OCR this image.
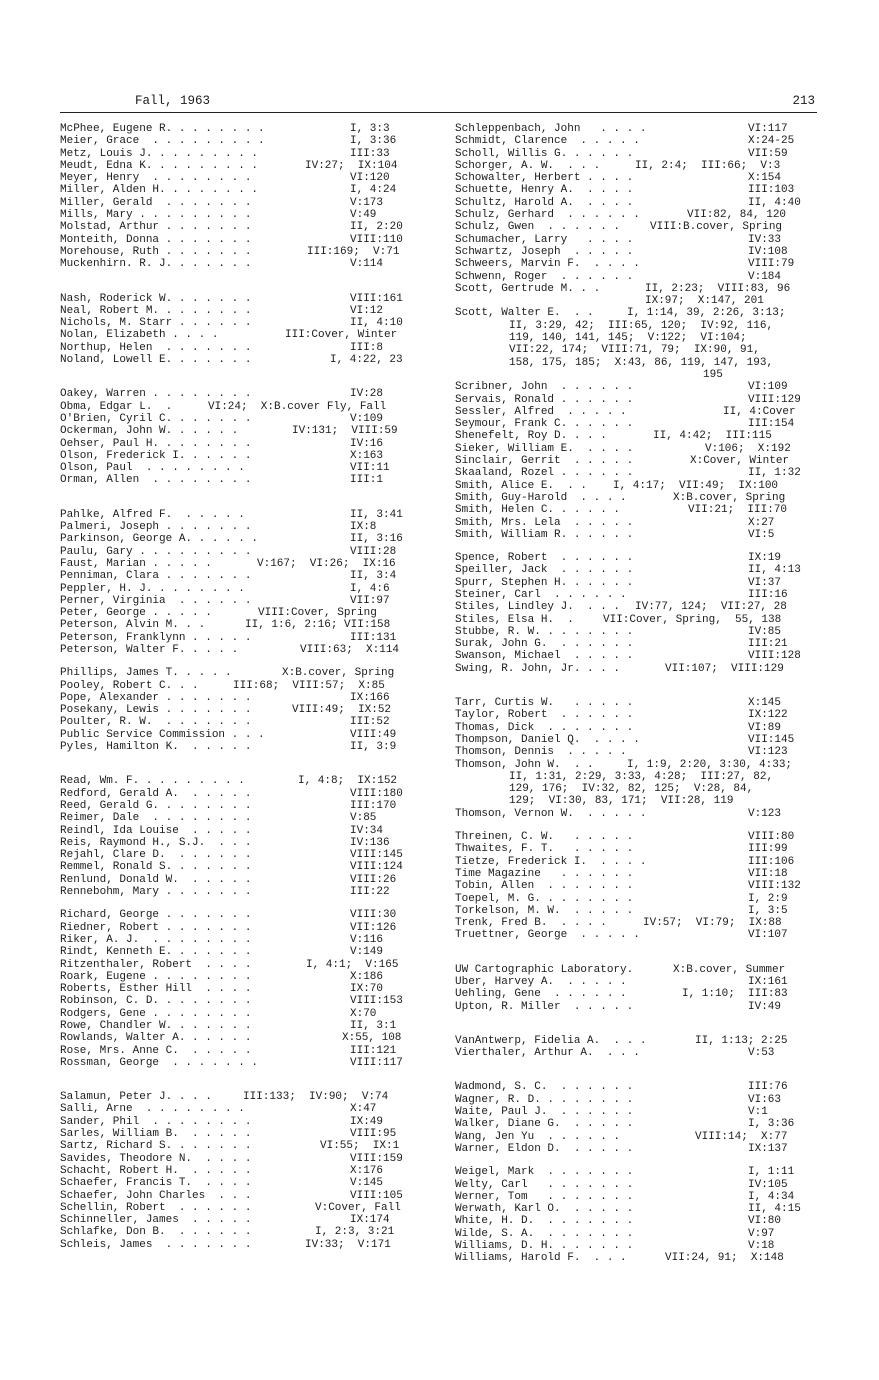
Fall, 1963	213
McPhee, Eugene R. . . . . . . .	I, 3:3
Meier, Grace  . . . . . . . . .	I, 3:36
Metz, Louis J. . . . . . . . .	III:33
Meudt, Edna K. . . . . . . . .	IV:27;  IX:104
Meyer, Henry  . . . . . . . .	VI:120
Miller, Alden H. . . . . . . .	I, 4:24
Miller, Gerald  . . . . . . .	V:173
Mills, Mary . . . . . . . . .	V:49
Molstad, Arthur . . . . . . .	II, 2:20
Monteith, Donna . . . . . . .	VIII:110
Morehouse, Ruth . . . . . . .	III:169;  V:71
Muckenhirn. R. J. . . . . . .	V:114
Nash, Roderick W. . . . . . .	VIII:161
Neal, Robert M. . . . . . . .	VI:12
Nichols, M. Starr . . . . . .	II, 4:10
Nolan, Elizabeth . . . .	III:Cover, Winter
Northup, Helen  . . . . . . .	III:8
Noland, Lowell E. . . . . . .	I, 4:22, 23
Oakey, Warren . . . . . . . .	IV:28
Obma, Edgar L.  .	VI:24;  X:B.cover Fly, Fall
O'Brien, Cyril C. . . . . . .	V:109
Ockerman, John W. . . . . .	IV:131;  VIII:59
Oehser, Paul H. . . . . . . .	IV:16
Olson, Frederick I. . . . . .	X:163
Olson, Paul  . . . . . . . .	VII:11
Orman, Allen  . . . . . . . .	III:1
Pahlke, Alfred F.  . . . . .	II, 3:41
Palmeri, Joseph . . . . . . .	IX:8
Parkinson, George A. . . . . .	II, 3:16
Paulu, Gary . . . . . . . . .	VIII:28
Faust, Marian . . . . .	V:167;  VI:26;  IX:16
Penniman, Clara . . . . . . .	II, 3:4
Peppler, H. J. . . . . . . .	I, 4:6
Perner, Virginia  . . . . . .	VII:97
Peter, George . . . . .	VIII:Cover, Spring
Peterson, Alvin M. . .	II, 1:6, 2:16; VII:158
Peterson, Franklynn . . . . .	III:131
Peterson, Walter F. . . . .	VIII:63;  X:114
Phillips, James T. . . . .	X:B.cover, Spring
Pooley, Robert C. . .	III:68;  VIII:57;  X:85
Pope, Alexander . . . . . . .	IX:166
Posekany, Lewis . . . . . . .	VIII:49;  IX:52
Poulter, R. W.  . . . . . . .	III:52
Public Service Commission . . .	VIII:49
Pyles, Hamilton K.  . . . . .	II, 3:9
Read, Wm. F. . . . . . . . .	I, 4:8;  IX:152
Redford, Gerald A.  . . . . .	VIII:180
Reed, Gerald G. . . . . . . .	III:170
Reimer, Dale  . . . . . . . .	V:85
Reindl, Ida Louise  . . . . .	IV:34
Reis, Raymond H., S.J.  . . .	IV:136
Rejahl, Clare D.  . . . . . .	VIII:145
Remmel, Ronald S. . . . . . .	VIII:124
Renlund, Donald W.  . . . . .	VIII:26
Rennebohm, Mary . . . . . . .	III:22
Richard, George . . . . . . .	VIII:30
Riedner, Robert . . . . . . .	VII:126
Riker, A. J.  . . . . . . . .	V:116
Rindt, Kenneth E. . . . . . .	V:149
Ritzenthaler, Robert  . . . .	I, 4:1;  V:165
Roark, Eugene . . . . . . . .	X:186
Roberts, Esther Hill  . . . .	IX:70
Robinson, C. D. . . . . . . .	VIII:153
Rodgers, Gene . . . . . . . .	X:70
Rowe, Chandler W. . . . . . .	II, 3:1
Rowlands, Walter A. . . . . .	X:55, 108
Rose, Mrs. Anne C.  . . . . .	III:121
Rossman, George  . . . . . . .	VIII:117
Salamun, Peter J. . . .	III:133;  IV:90;  V:74
Salli, Arne  . . . . . . . .	X:47
Sander, Phil  . . . . . . . .	IX:49
Sarles, William B.  . . . . .	VIII:95
Sartz, Richard S. . . . . . .	VI:55;  IX:1
Savides, Theodore N.  . . . .	VIII:159
Schacht, Robert H.  . . . . .	X:176
Schaefer, Francis T.  . . . .	V:145
Schaefer, John Charles  . . .	VIII:105
Schellin, Robert  . . . . . .	V:Cover, Fall
Schinneller, James  . . . . .	IX:174
Schlafke, Don B.  . . . . . .	I, 2:3, 3:21
Schleis, James  . . . . . . .	IV:33;  V:171
Schleppenbach, John   . . . .	VI:117
Schmidt, Clarence  . . . . .	X:24-25
Scholl, Willis G. . . . . .	VII:59
Schorger, A. W.  . . .	II, 2:4;  III:66;  V:3
Schowalter, Herbert . . . .	X:154
Schuette, Henry A.  . . . .	III:103
Schultz, Harold A.  . . . .	II, 4:40
Schulz, Gerhard  . . . . . .	VII:82, 84, 120
Schulz, Gwen  . . . . . .	VIII:B.cover, Spring
Schumacher, Larry   . . . .	IV:33
Schwartz, Joseph  . . . . .	IV:108
Schweers, Marvin F.  . . . .	VIII:79
Schwenn, Roger  . . . . . .	V:184
Scott, Gertrude M. . .	II, 2:23;  VIII:83, 96
IX:97;  X:147, 201
Scott, Walter E.  . .	I, 1:14, 39, 2:26, 3:13;
II, 3:29, 42;  III:65, 120;  IV:92, 116,
119, 140, 141, 145;  V:122;  VI:104;
VII:22, 174;  VIII:71, 79;  IX:90, 91,
158, 175, 185;  X:43, 86, 119, 147, 193,
195
Scribner, John  . . . . . .	VI:109
Servais, Ronald . . . . . .	VIII:129
Sessler, Alfred  . . . . .	II, 4:Cover
Seymour, Frank C. . . . . .	III:154
Shenefelt, Roy D. . . .	II, 4:42;  III:115
Sieker, William E.  . . . .	V:106;  X:192
Sinclair, Gerrit  . . . . .	X:Cover, Winter
Skaaland, Rozel . . . . . .	II, 1:32
Smith, Alice E.  . . I, 4:17;  VII:49;  IX:100
Smith, Guy-Harold  . . . .	X:B.cover, Spring
Smith, Helen C. . . . . .	VII:21;  III:70
Smith, Mrs. Lela  . . . . .	X:27
Smith, William R. . . . . .	VI:5
Spence, Robert  . . . . . .	IX:19
Speiller, Jack  . . . . . .	II, 4:13
Spurr, Stephen H. . . . . .	VI:37
Steiner, Carl  . . . . . .	III:16
Stiles, Lindley J.  . . . IV:77, 124;  VII:27, 28
Stiles, Elsa H.  .	VII:Cover, Spring,  55, 138
Stubbe, R. W. . . . . . . .	IV:85
Surak, John G.  . . . . . .	III:21
Swanson, Michael  . . . . .	VIII:128
Swing, R. John, Jr. . . .	VII:107;  VIII:129
Tarr, Curtis W.   . . . . .	X:145
Taylor, Robert  . . . . . .	IX:122
Thomas, Dick  . . . . . . .	VI:89
Thompson, Daniel Q.  . . . .	VII:145
Thomson, Dennis  . . . . .	VI:123
Thomson, John W.  . .	I, 1:9, 2:20, 3:30, 4:33;
II, 1:31, 2:29, 3:33, 4:28;  III:27, 82,
129, 176;  IV:32, 82, 125;  V:28, 84,
129;  VI:30, 83, 171;  VII:28, 119
Thomson, Vernon W.  . . . . .	V:123
Threinen, C. W.   . . . . .	VIII:80
Thwaites, F. T.   . . . . .	III:99
Tietze, Frederick I.  . . . .	III:106
Time Magazine   . . . . . .	VII:18
Tobin, Allen  . . . . . . .	VIII:132
Toepel, M. G. . . . . . . .	I, 2:9
Torkelson, M. W.  . . . . .	I, 3:5
Trenk, Fred B.  . . . .	IV:57;  VI:79;  IX:88
Truettner, George  . . . . .	VI:107
UW Cartographic Laboratory.	X:B.cover, Summer
Uber, Harvey A.  . . . . .	IX:161
Uehling, Gene  . . . . . .	I, 1:10;  III:83
Upton, R. Miller  . . . . .	IV:49
VanAntwerp, Fidelia A.  . . .	II, 1:13; 2:25
Vierthaler, Arthur A.  . . .	V:53
Wadmond, S. C.  . . . . . .	III:76
Wagner, R. D. . . . . . . .	VI:63
Waite, Paul J.  . . . . . .	V:1
Walker, Diane G.  . . . . .	I, 3:36
Wang, Jen Yu  . . . . . .	VIII:14;  X:77
Warner, Eldon D.  . . . . .	IX:137
Weigel, Mark  . . . . . . .	I, 1:11
Welty, Carl   . . . . . . .	IV:105
Werner, Tom   . . . . . . .	I, 4:34
Werwath, Karl O.  . . . . .	II, 4:15
White, H. D.  . . . . . . .	VI:80
Wilde, S. A.  . . . . . . .	V:97
Williams, D. H. . . . . . .	V:18
Williams, Harold F.  . . .	VII:24, 91;  X:148
